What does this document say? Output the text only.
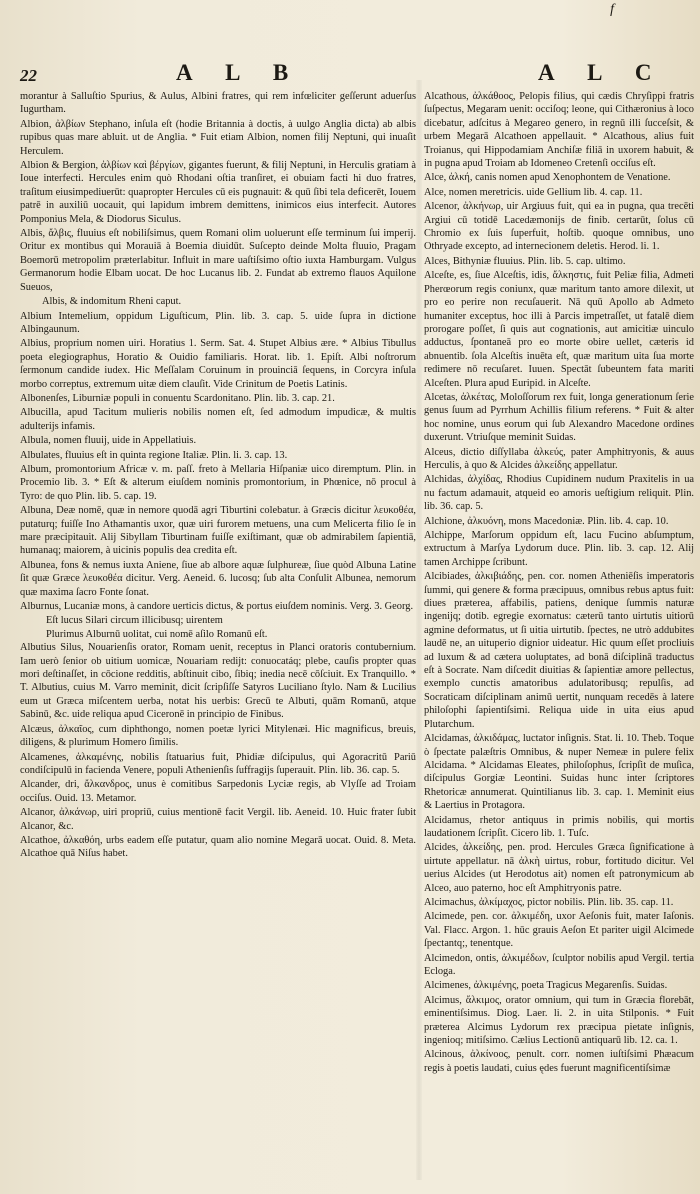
f
22	A L B	A L C

morantur à Salluſtio Spurius, & Aulus, Albini fratres, qui rem infœliciter geſſerunt aduerſus Iugurtham.

Albion, ἀλβίων Stephano, inſula eſt (hodie Britannia à doctis, à uulgo Anglia dicta) ab albis rupibus quas mare abluit. ut de Anglia. * Fuit etiam Albion, nomen filij Neptuni, qui inuaſit Herculem.

Albion & Bergion, ἀλβίων καὶ βέργίων, gigantes fuerunt, & filij Neptuni, in Herculis gratiam à Ioue interfecti. Hercules enim quò Rhodani oſtia tranſiret, ei obuiam facti hi duo fratres, traſitum eiusimpediuerūt: quapropter Hercules cū eis pugnauit: & quū ſibi tela deficerēt, Iouem patrē in auxiliū uocauit, qui lapidum imbrem demittens, inimicos eius interfecit. Autores Pomponius Mela, & Diodorus Siculus.

Albis, ἄλβις, fluuius eſt nobiliſsimus, quem Romani olim uoluerunt eſſe terminum ſui imperij. Oritur ex montibus qui Morauiā à Boemia diuidūt. Suſcepto deinde Molta fluuio, Pragam Boemorū metropolim præterlabitur. Influit in mare uaſtiſsimo oſtio iuxta Hamburgam. Vulgus Germanorum hodie Elbam uocat. De hoc Lucanus lib. 2. Fundat ab extremo flauos Aquilone Sueuos,

Albis, & indomitum Rheni caput.

Albium Intemelium, oppidum Liguſticum, Plin. lib. 3. cap. 5. uide ſupra in dictione Albingaunum.

Albius, proprium nomen uiri. Horatius 1. Serm. Sat. 4. Stupet Albius ære. * Albius Tibullus poeta elegiographus, Horatio & Ouidio familiaris. Horat. lib. 1. Epiſt. Albi noſtrorum ſermonum candide iudex. Hic Meſſalam Coruinum in prouinciā ſequens, in Corcyra inſula morbo correptus, extremum uitæ diem clauſit. Vide Crinitum de Poetis Latinis.

Albonenſes, Liburniæ populi in conuentu Scardonitano. Plin. lib. 3. cap. 21.

Albucilla, apud Tacitum mulieris nobilis nomen eſt, ſed admodum impudicæ, & multis adulterijs infamis.

Albula, nomen fluuij, uide in Appellatiuis.

Albulates, fluuius eſt in quinta regione Italiæ. Plin. li. 3. cap. 13.

Album, promontorium Africæ v. m. paſſ. freto à Mellaria Hiſpaniæ uico diremptum. Plin. in Procemio lib. 3. * Eſt & alterum eiuſdem nominis promontorium, in Phœnice, nō procul à Tyro: de quo Plin. lib. 5. cap. 19.

Albuna, Deæ nomē, quæ in nemore quodā agri Tiburtini colebatur. à Græcis dicitur λευκοθέα, putaturq; fuiſſe Ino Athamantis uxor, quæ uiri furorem metuens, una cum Melicerta filio ſe in mare præcipitauit. Alij Sibyllam Tiburtinam fuiſſe exiſtimant, quæ ob admirabilem ſapientiā, humanaq; maiorem, à uicinis populis dea credita eſt.

Albunea, fons & nemus iuxta Aniene, ſiue ab albore aquæ ſulphureæ, ſiue quòd Albuna Latine ſit quæ Græce λευκοθέα dicitur. Verg. Aeneid. 6. lucosq; ſub alta Conſulit Albunea, nemorum quæ maxima ſacro Fonte ſonat.

Alburnus, Lucaniæ mons, à candore uerticis dictus, & portus eiuſdem nominis. Verg. 3. Georg.

Eſt lucus Silari circum illicibusq; uirentem

Plurimus Alburnū uolitat, cui nomē aſilo Romanū eſt.

Albutius Silus, Nouarienſis orator, Romam uenit, receptus in Planci oratoris contubernium. Iam uerò ſenior ob uitium uomicæ, Nouariam redijt: conuocatáq; plebe, cauſis propter quas mori deſtinaſſet, in cōcione redditis, abſtinuit cibo, ſibiq; inedia necē cōſciuit. Ex Tranquillo. * T. Albutius, cuius M. Varro meminit, dicit ſcripſiſſe Satyros Luciliano ſtylo. Nam & Lucilius eum ut Græca miſcentem uerba, notat his uerbis: Grecū te Albuti, quām Romanū, atque Sabinū, &c. uide reliqua apud Ciceronē in principio de Finibus.

Alcæus, ἀλκαῖος, cum diphthongo, nomen poetæ lyrici Mitylenæi. Hic magnificus, breuis, diligens, & plurimum Homero ſimilis.

Alcamenes, ἀλκαμένης, nobilis ſtatuarius fuit, Phidiæ diſcipulus, qui Agoracritū Pariū condiſcipulū in facienda Venere, populi Athenienſis ſuffragijs ſuperauit. Plin. lib. 36. cap. 5.

Alcander, dri, ἄλκανδρος, unus è comitibus Sarpedonis Lyciæ regis, ab Vlyſſe ad Troiam occiſus. Ouid. 13. Metamor.

Alcanor, ἀλκάνωρ, uiri propriū, cuius mentionē facit Vergil. lib. Aeneid. 10. Huic frater ſubit Alcanor, &c.

Alcathoe, ἀλκαθόη, urbs eadem eſſe putatur, quam alio nomine Megarā uocat. Ouid. 8. Meta. Alcathoe quā Niſus habet.

Alcathous, ἀλκάθοος, Pelopis filius, qui cædis Chryſippi fratris ſuſpectus, Megaram uenit: occiſoq; leone, qui Cithæronius à loco dicebatur, adſcitus à Megareo genero, in regnū illi ſucceſsit, & urbem Megarā Alcathoen appellauit. * Alcathous, alius fuit Troianus, qui Hippodamiam Anchiſæ filiā in uxorem habuit, & in pugna apud Troiam ab Idomeneo Cretenſi occiſus eſt.

Alce, ἀλκή, canis nomen apud Xenophontem de Venatione.

Alce, nomen meretricis. uide Gellium lib. 4. cap. 11.

Alcenor, ἀλκήνωρ, uir Argiuus fuit, qui ea in pugna, qua trecēti Argiui cū totidē Lacedæmonijs de finib. certarūt, ſolus cū Chromio ex ſuis ſuperfuit, hoſtib. quoque omnibus, uno Othryade excepto, ad internecionem deletis. Herod. li. 1.

Alces, Bithyniæ fluuius. Plin. lib. 5. cap. ultimo.

Alceſte, es, ſiue Alceſtis, idis, ἄλκηστις, fuit Peliæ filia, Admeti Pherœorum regis coniunx, quæ maritum tanto amore dilexit, ut pro eo perire non recuſauerit. Nā quū Apollo ab Admeto humaniter exceptus, hoc illi à Parcis impetraſſet, ut fatalē diem prorogare poſſet, ſi quis aut cognationis, aut amicitiæ uinculo adductus, ſpontaneā pro eo morte obire uellet, cæteris id abnuentib. ſola Alceſtis inuēta eſt, quæ maritum uita ſua morte redimere nō recuſaret. Iuuen. Spectāt ſubeuntem fata mariti Alceſten. Plura apud Euripid. in Alceſte.

Alcetas, ἀλκέτας, Moloſſorum rex fuit, longa generationum ſerie genus ſuum ad Pyrrhum Achillis filium referens. * Fuit & alter hoc nomine, unus eorum qui ſub Alexandro Macedone ordines duxerunt. Vtriuſque meminit Suidas.

Alceus, dictio diſſyllaba ἀλκεύς, pater Amphitryonis, & auus Herculis, à quo & Alcides ἀλκείδης appellatur.

Alchidas, ἀλχίδας, Rhodius Cupidinem nudum Praxitelis in ua nu factum adamauit, atqueid eo amoris ueſtigium reliquit. Plin. lib. 36. cap. 5.

Alchione, ἀλκυόνη, mons Macedoniæ. Plin. lib. 4. cap. 10.

Alchippe, Marſorum oppidum eſt, lacu Fucino abſumptum, extructum à Marſya Lydorum duce. Plin. lib. 3. cap. 12. Alij tamen Archippe ſcribunt.

Alcibiades, ἀλκιβιάδης, pen. cor. nomen Atheniēſis imperatoris ſummi, qui genere & forma præcipuus, omnibus rebus aptus fuit: diues præterea, affabilis, patiens, denique ſummis naturæ ingenijq; dotib. egregie exornatus: cæterū tanto uirtutis uitiorū agmine deformatus, ut ſi uitia uirtutib. ſpectes, ne utrò addubites laudē ne, an uituperio dignior uideatur. Hic quum eſſet procliuis ad luxum & ad cætera uoluptates, ad bonā diſciplinā traductus eſt à Socrate. Nam diſcedit diuitias & ſapientiæ amore pellectus, exemplo cunctis amatoribus adulatoribusq; repulſis, ad Socraticam diſciplinam animū uertit, nunquam recedēs à latere philoſophi ſapientiſsimi. Reliqua uide in uita eius apud Plutarchum.

Alcidamas, ἀλκιδάμας, luctator inſignis. Stat. li. 10. Theb. Toque ò ſpectate palæſtris Omnibus, & nuper Nemeæ in pulere felix Alcidama. * Alcidamas Eleates, philoſophus, ſcripſit de muſica, diſcipulus Gorgiæ Leontini. Suidas hunc inter ſcriptores Rhetoricæ annumerat. Quintilianus lib. 3. cap. 1. Meminit eius & Laertius in Protagora.

Alcidamus, rhetor antiquus in primis nobilis, qui mortis laudationem ſcripſit. Cicero lib. 1. Tuſc.

Alcides, ἀλκείδης, pen. prod. Hercules Græca ſignificatione à uirtute appellatur. nā ἀλκὴ uirtus, robur, fortitudo dicitur. Vel uerius Alcides (ut Herodotus ait) nomen eſt patronymicum ab Alceo, auo paterno, hoc eſt Amphitryonis patre.

Alcimachus, ἀλκίμαχος, pictor nobilis. Plin. lib. 35. cap. 11.

Alcimede, pen. cor. ἀλκιμέδη, uxor Aeſonis fuit, mater Iaſonis. Val. Flacc. Argon. 1. hūc grauis Aeſon Et pariter uigil Alcimede ſpectantq;, tenentque.

Alcimedon, ontis, ἀλκιμέδων, ſculptor nobilis apud Vergil. tertia Ecloga.

Alcimenes, ἀλκιμένης, poeta Tragicus Megarenſis. Suidas.

Alcimus, ἄλκιμος, orator omnium, qui tum in Græcia florebāt, eminentiſsimus. Diog. Laer. li. 2. in uita Stilponis. * Fuit præterea Alcimus Lydorum rex præcipua pietate inſignis, ingenioq; mitiſsimo. Cælius Lectionū antiquarū lib. 12. ca. 1.

Alcinous, ἀλκίνοος, penult. corr. nomen iuſtiſsimi Phæacum regis à poetis laudati, cuius ędes fuerunt magnificentiſsimæ
